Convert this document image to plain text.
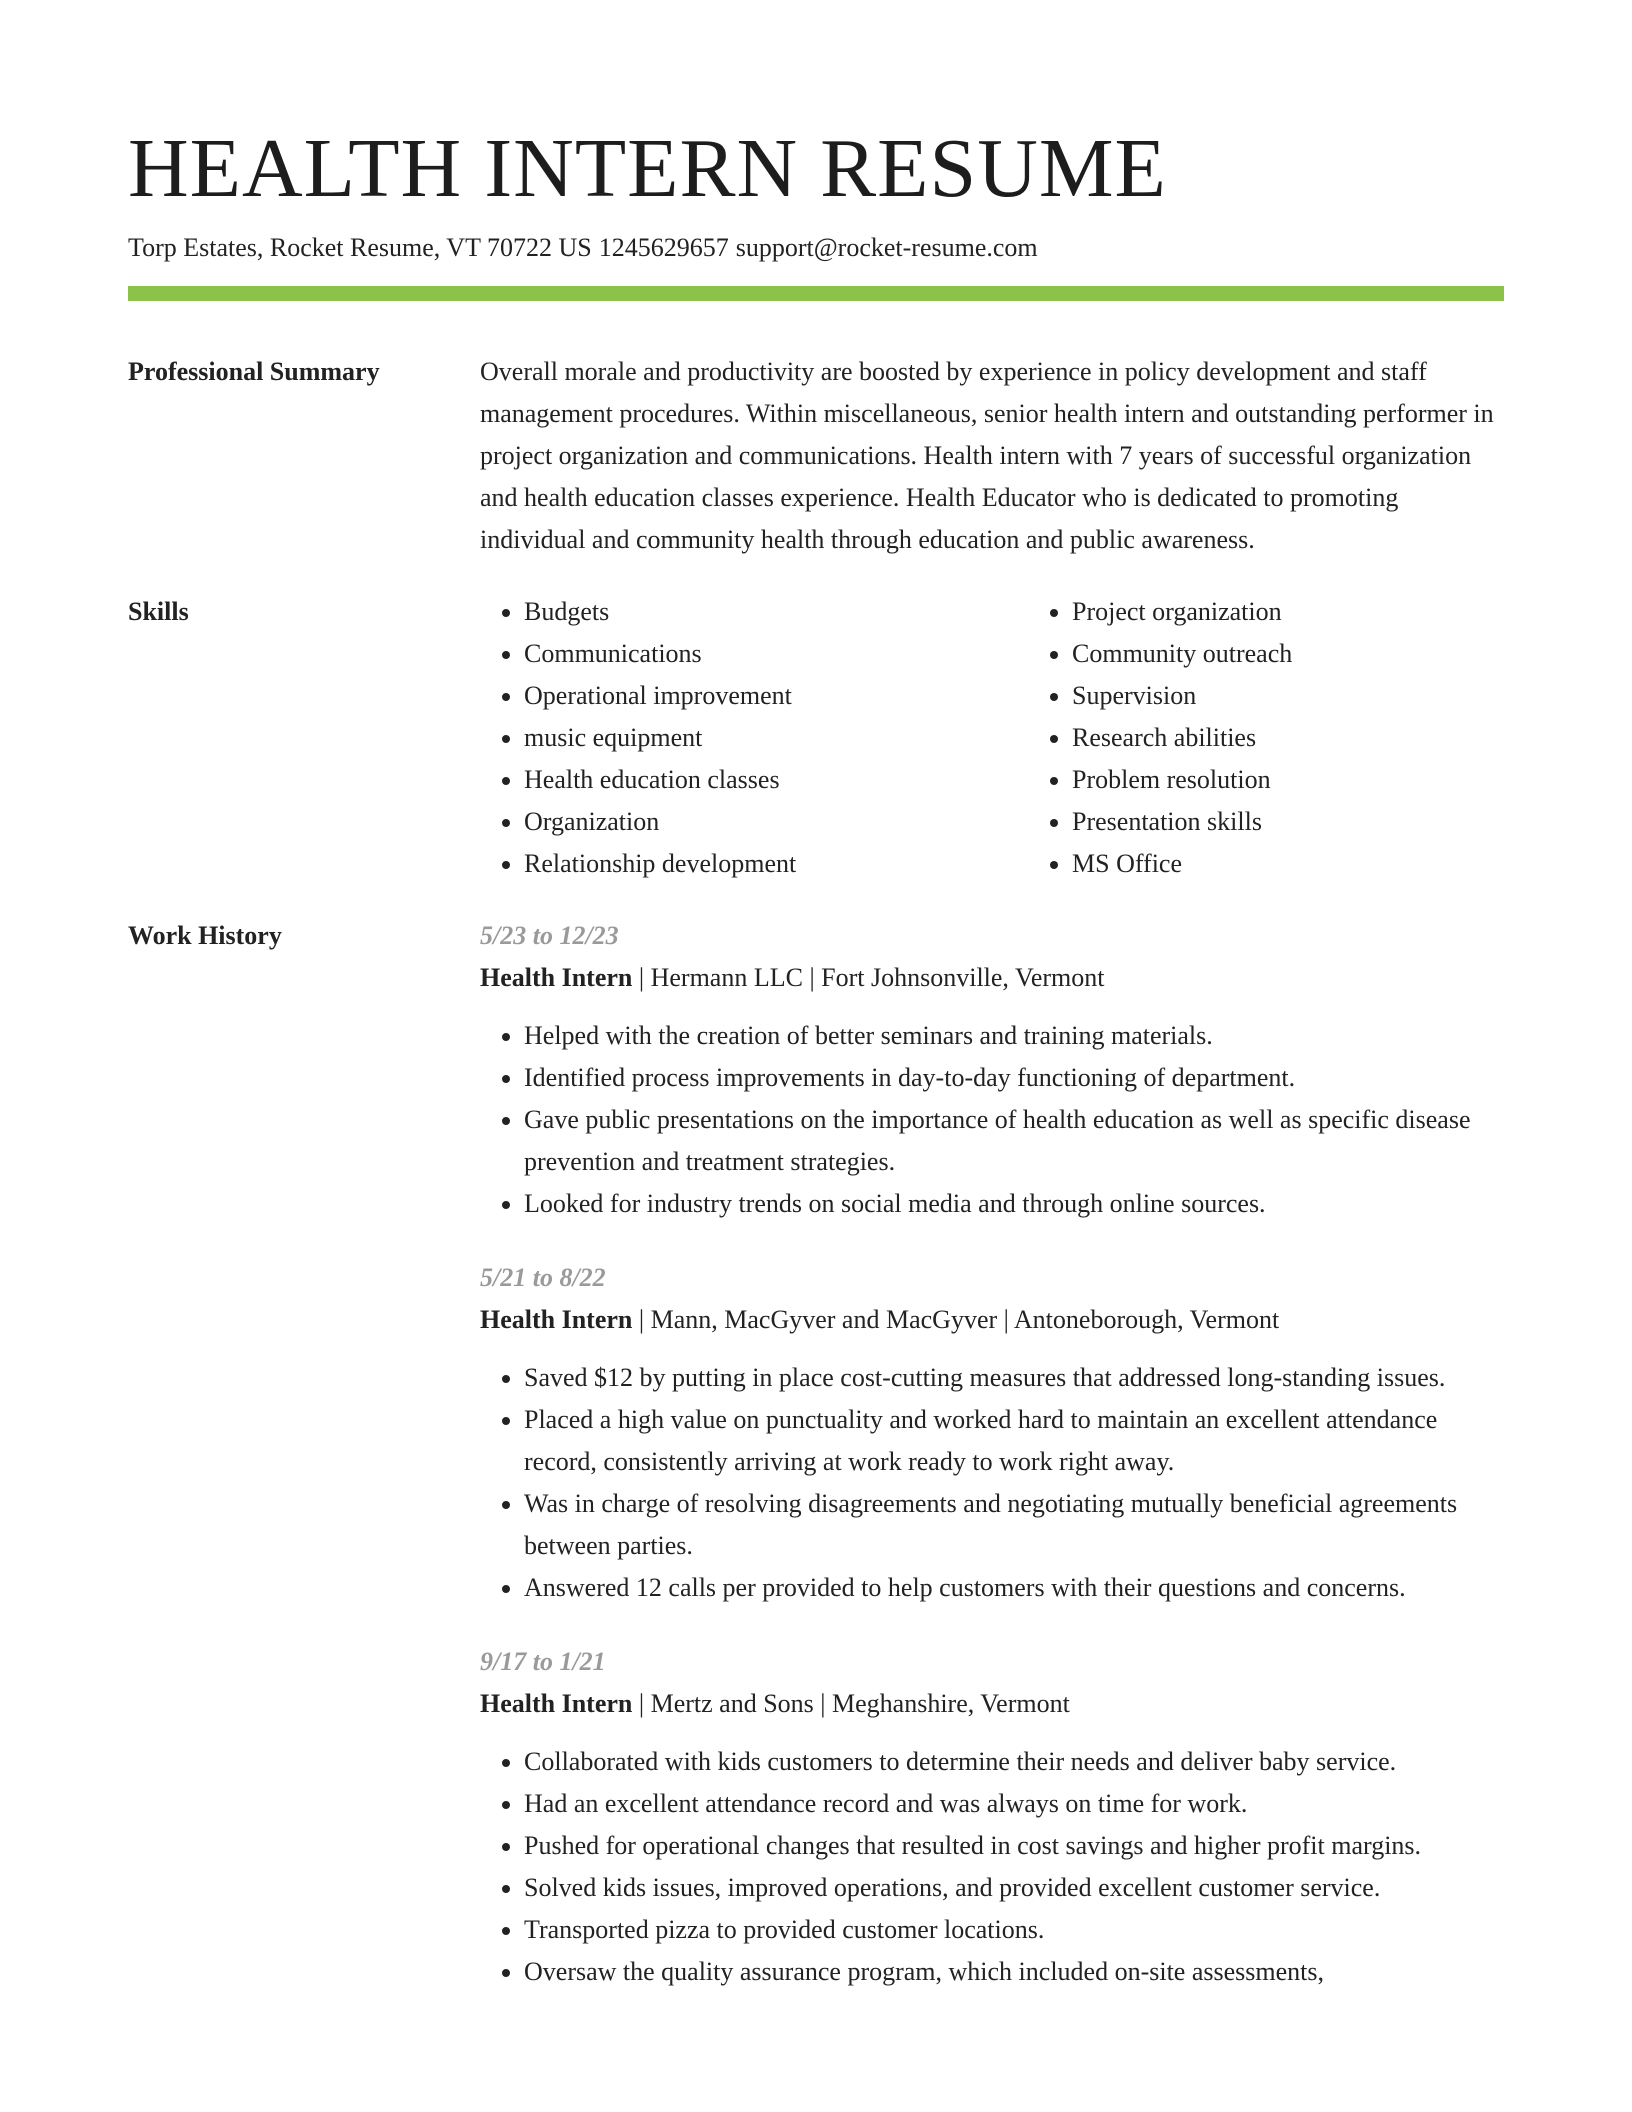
HEALTH INTERN RESUME
Torp Estates, Rocket Resume, VT 70722 US 1245629657 support@rocket-resume.com
Professional Summary	Overall morale and productivity are boosted by experience in policy development and staff management procedures. Within miscellaneous, senior health intern and outstanding performer in project organization and communications. Health intern with 7 years of successful organization and health education classes experience. Health Educator who is dedicated to promoting individual and community health through education and public awareness.
Skills
•	Budgets
• Communications
• Operational improvement
• music equipment
• Health education classes
• Organization
• Relationship development
• Project organization
• Community outreach
• Supervision
• Research abilities
• Problem resolution
• Presentation skills
• MS Office
Work History	5/23 to 12/23
Health Intern | Hermann LLC | Fort Johnsonville, Vermont
• Helped with the creation of better seminars and training materials.
• Identified process improvements in day-to-day functioning of department.
• Gave public presentations on the importance of health education as well as specific disease prevention and treatment strategies.
• Looked for industry trends on social media and through online sources.
5/21 to 8/22
Health Intern | Mann, MacGyver and MacGyver | Antoneborough, Vermont
• Saved $12 by putting in place cost-cutting measures that addressed long-standing issues.
• Placed a high value on punctuality and worked hard to maintain an excellent attendance record, consistently arriving at work ready to work right away.
• Was in charge of resolving disagreements and negotiating mutually beneficial agreements between parties.
• Answered 12 calls per provided to help customers with their questions and concerns.
9/17 to 1/21
Health Intern | Mertz and Sons | Meghanshire, Vermont
• Collaborated with kids customers to determine their needs and deliver baby service.
• Had an excellent attendance record and was always on time for work.
• Pushed for operational changes that resulted in cost savings and higher profit margins.
• Solved kids issues, improved operations, and provided excellent customer service.
• Transported pizza to provided customer locations.
• Oversaw the quality assurance program, which included on-site assessments,
